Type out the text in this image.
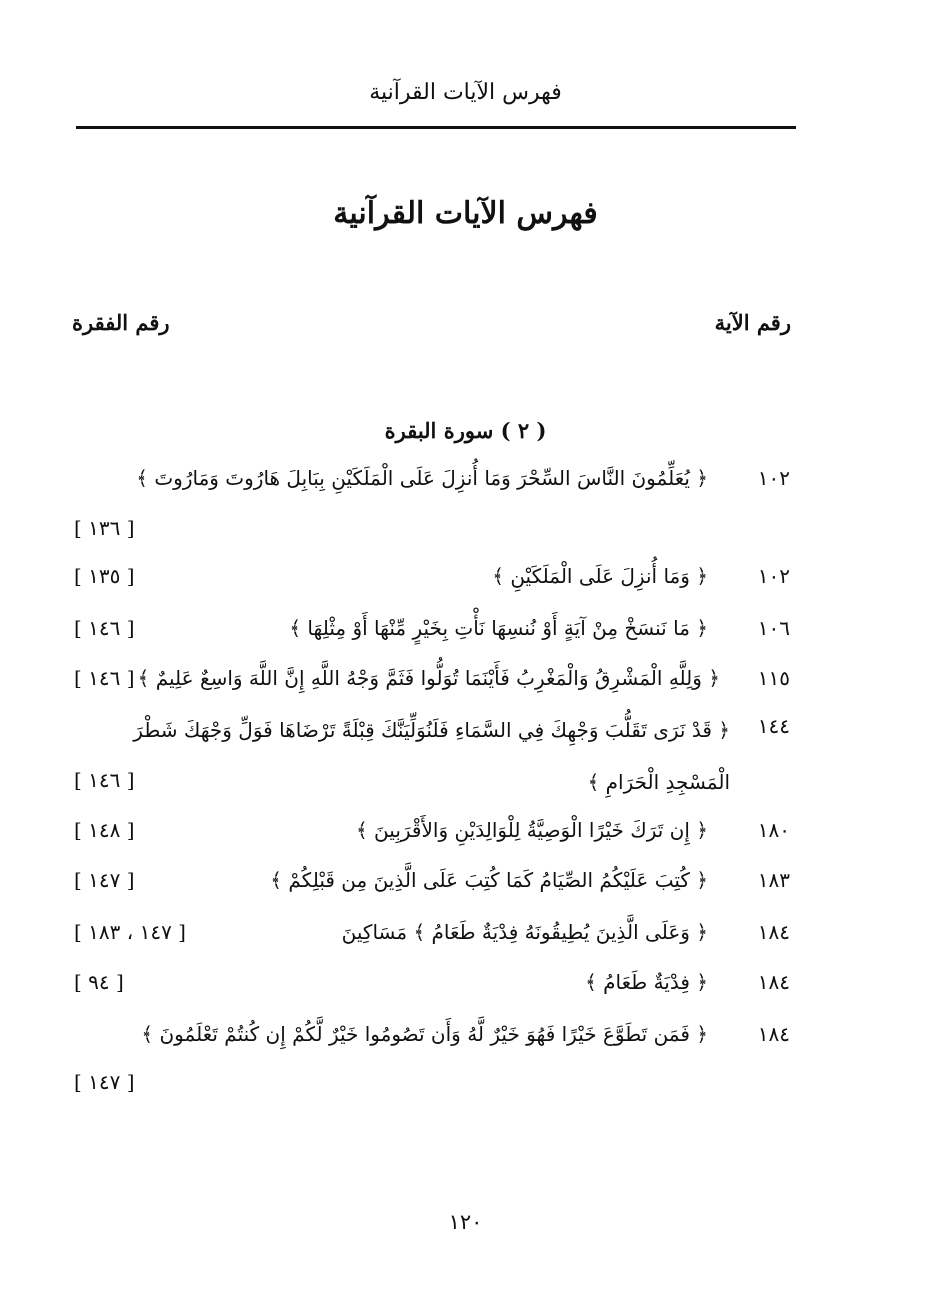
فهرس الآيات القرآنية
فهرس الآيات القرآنية
رقم الآية
رقم الفقرة
( ٢ ) سورة البقرة
١٠٢
﴿ يُعَلِّمُونَ النَّاسَ السِّحْرَ وَمَا أُنزِلَ عَلَى الْمَلَكَيْنِ بِبَابِلَ هَارُوتَ وَمَارُوتَ ﴾
[ ١٣٦ ]
١٠٢
﴿ وَمَا أُنزِلَ عَلَى الْمَلَكَيْنِ ﴾
[ ١٣٥ ]
١٠٦
﴿ مَا نَنسَخْ مِنْ آيَةٍ أَوْ نُنسِهَا نَأْتِ بِخَيْرٍ مِّنْهَا أَوْ مِثْلِهَا ﴾
[ ١٤٦ ]
١١٥
﴿ وَلِلَّهِ الْمَشْرِقُ وَالْمَغْرِبُ فَأَيْنَمَا تُوَلُّوا فَثَمَّ وَجْهُ اللَّهِ إِنَّ اللَّهَ وَاسِعٌ عَلِيمٌ ﴾
[ ١٤٦ ]
١٤٤
﴿ قَدْ نَرَى تَقَلُّبَ وَجْهِكَ فِي السَّمَاءِ فَلَنُوَلِّيَنَّكَ قِبْلَةً تَرْضَاهَا فَوَلِّ وَجْهَكَ شَطْرَ الْمَسْجِدِ الْحَرَامِ ﴾
[ ١٤٦ ]
١٨٠
﴿ إِن تَرَكَ خَيْرًا الْوَصِيَّةُ لِلْوَالِدَيْنِ وَالأَقْرَبِينَ ﴾
[ ١٤٨ ]
١٨٣
﴿ كُتِبَ عَلَيْكُمُ الصِّيَامُ كَمَا كُتِبَ عَلَى الَّذِينَ مِن قَبْلِكُمْ ﴾
[ ١٤٧ ]
١٨٤
﴿ وَعَلَى الَّذِينَ يُطِيقُونَهُ فِدْيَةٌ طَعَامُ ﴾ مَسَاكِينَ
[ ١٤٧ ، ١٨٣ ]
١٨٤
﴿ فِدْيَةٌ طَعَامُ ﴾
[ ٩٤ ]
١٨٤
﴿ فَمَن تَطَوَّعَ خَيْرًا فَهُوَ خَيْرٌ لَّهُ وَأَن تَصُومُوا خَيْرٌ لَّكُمْ إِن كُنتُمْ تَعْلَمُونَ ﴾
[ ١٤٧ ]
١٢٠
